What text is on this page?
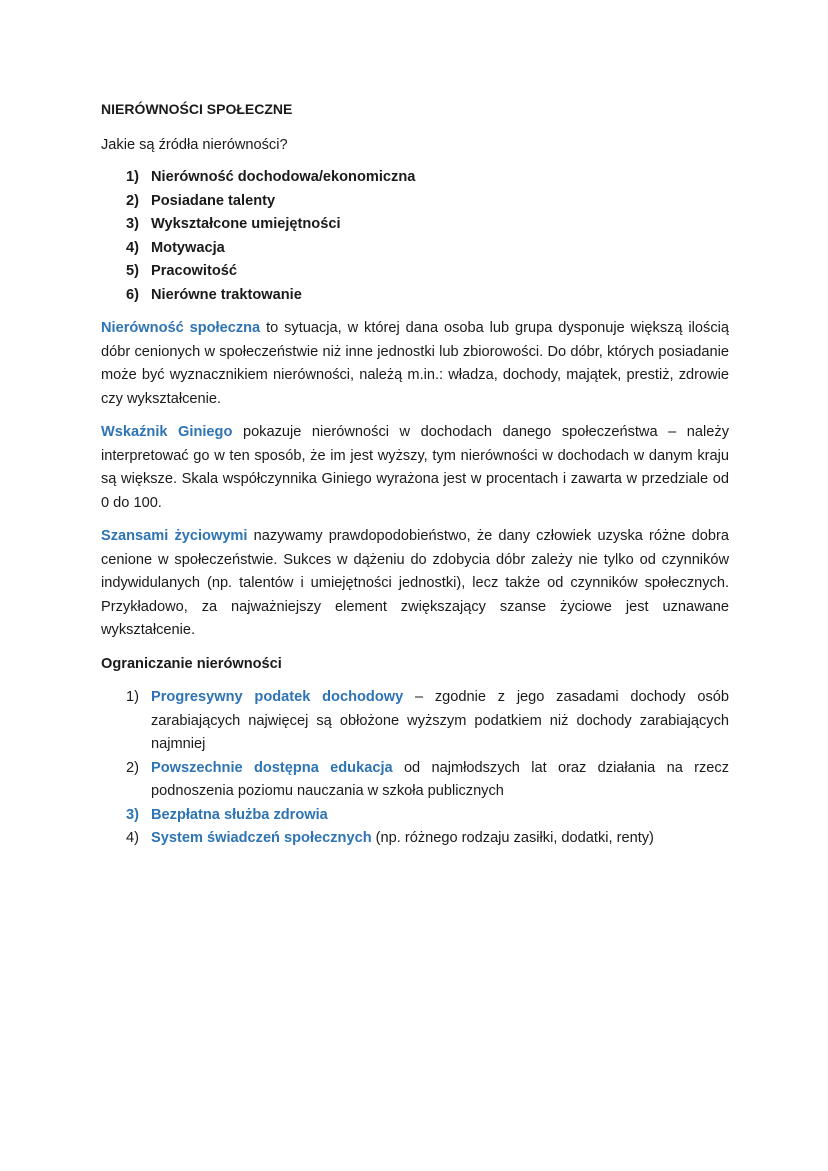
NIERÓWNOŚCI SPOŁECZNE
Jakie są źródła nierówności?
1) Nierówność dochodowa/ekonomiczna
2) Posiadane talenty
3) Wykształcone umiejętności
4) Motywacja
5) Pracowitość
6) Nierówne traktowanie

Nierówność społeczna to sytuacja, w której dana osoba lub grupa dysponuje większą ilością dóbr cenionych w społeczeństwie niż inne jednostki lub zbiorowości. Do dóbr, których posiadanie może być wyznacznikiem nierówności, należą m.in.: władza, dochody, majątek, prestiż, zdrowie czy wykształcenie.

Wskaźnik Giniego pokazuje nierówności w dochodach danego społeczeństwa – należy interpretować go w ten sposób, że im jest wyższy, tym nierówności w dochodach w danym kraju są większe. Skala współczynnika Giniego wyrażona jest w procentach i zawarta w przedziale od 0 do 100.

Szansami życiowymi nazywamy prawdopodobieństwo, że dany człowiek uzyska różne dobra cenione w społeczeństwie. Sukces w dążeniu do zdobycia dóbr zależy nie tylko od czynników indywidulanych (np. talentów i umiejętności jednostki), lecz także od czynników społecznych. Przykładowo, za najważniejszy element zwiększający szanse życiowe jest uznawane wykształcenie.

Ograniczanie nierówności
1) Progresywny podatek dochodowy – zgodnie z jego zasadami dochody osób zarabiających najwięcej są obłożone wyższym podatkiem niż dochody zarabiających najmniej
2) Powszechnie dostępna edukacja od najmłodszych lat oraz działania na rzecz podnoszenia poziomu nauczania w szkoła publicznych
3) Bezpłatna służba zdrowia
4) System świadczeń społecznych (np. różnego rodzaju zasiłki, dodatki, renty)
